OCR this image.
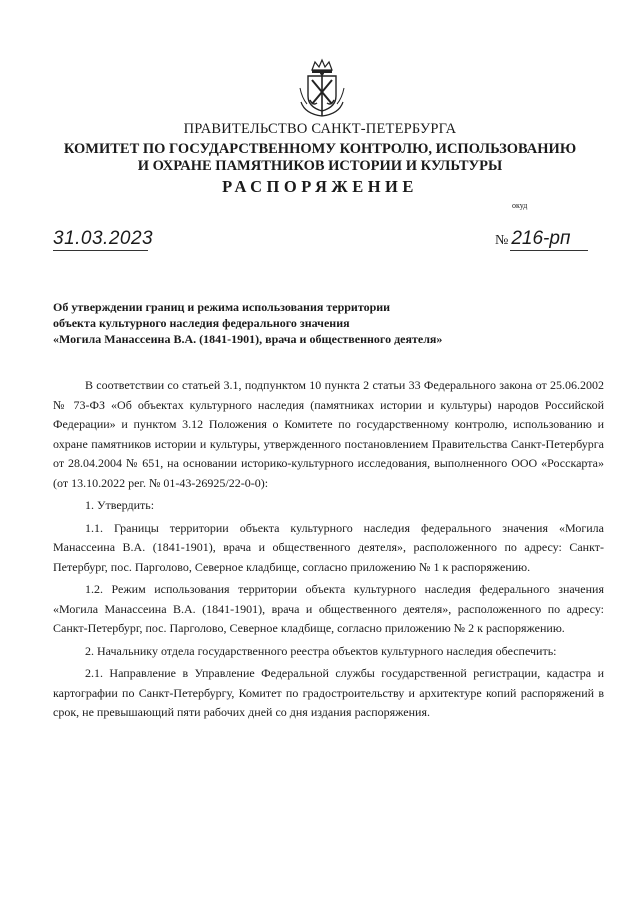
ПРАВИТЕЛЬСТВО САНКТ-ПЕТЕРБУРГА
КОМИТЕТ ПО ГОСУДАРСТВЕННОМУ КОНТРОЛЮ, ИСПОЛЬЗОВАНИЮ
И ОХРАНЕ ПАМЯТНИКОВ ИСТОРИИ И КУЛЬТУРЫ
РАСПОРЯЖЕНИЕ
окуд
31.03.2023	№ 216-рп
Об утверждении границ и режима использования территории
объекта культурного наследия федерального значения
«Могила Манассеина В.А. (1841-1901), врача и общественного деятеля»

В соответствии со статьей 3.1, подпунктом 10 пункта 2 статьи 33 Федерального закона от 25.06.2002 № 73-ФЗ «Об объектах культурного наследия (памятниках истории и культуры) народов Российской Федерации» и пунктом 3.12 Положения о Комитете по государственному контролю, использованию и охране памятников истории и культуры, утвержденного постановлением Правительства Санкт-Петербурга от 28.04.2004 № 651, на основании историко-культурного исследования, выполненного ООО «Росскарта» (от 13.10.2022 рег. № 01-43-26925/22-0-0):

1. Утвердить:

1.1. Границы территории объекта культурного наследия федерального значения «Могила Манассеина В.А. (1841-1901), врача и общественного деятеля», расположенного по адресу: Санкт-Петербург, пос. Парголово, Северное кладбище, согласно приложению № 1 к распоряжению.

1.2. Режим использования территории объекта культурного наследия федерального значения «Могила Манассеина В.А. (1841-1901), врача и общественного деятеля», расположенного по адресу: Санкт-Петербург, пос. Парголово, Северное кладбище, согласно приложению № 2 к распоряжению.

2. Начальнику отдела государственного реестра объектов культурного наследия обеспечить:

2.1. Направление в Управление Федеральной службы государственной регистрации, кадастра и картографии по Санкт-Петербургу, Комитет по градостроительству и архитектуре копий распоряжений в срок, не превышающий пяти рабочих дней со дня издания распоряжения.
